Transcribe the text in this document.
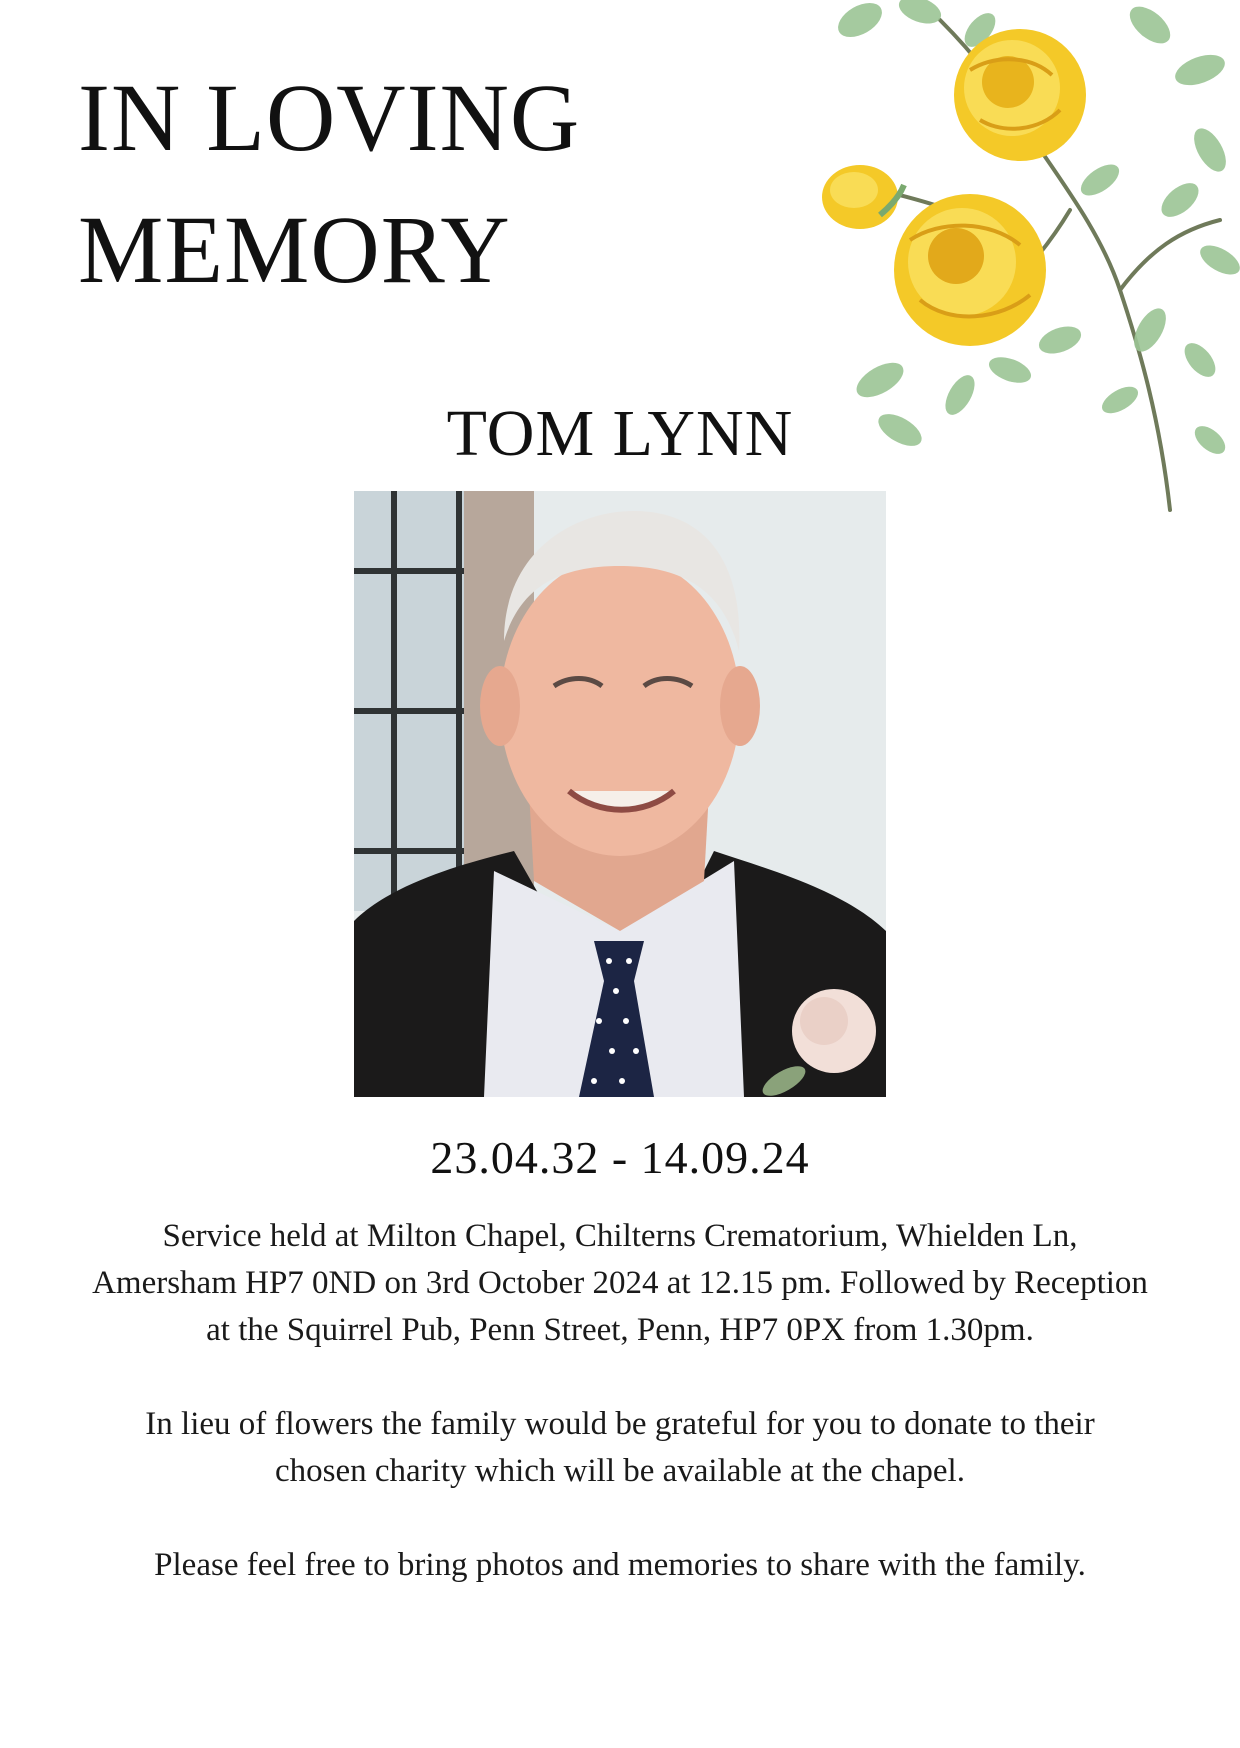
IN LOVING
MEMORY
TOM LYNN
23.04.32 - 14.09.24
Service held at Milton Chapel, Chilterns Crematorium, Whielden Ln,
Amersham HP7 0ND on 3rd October 2024 at 12.15 pm. Followed by Reception
at the Squirrel Pub, Penn Street, Penn, HP7 0PX from 1.30pm.
In lieu of flowers the family would be grateful for you to donate to their
chosen charity which will be available at the chapel.
Please feel free to bring photos and memories to share with the family.
